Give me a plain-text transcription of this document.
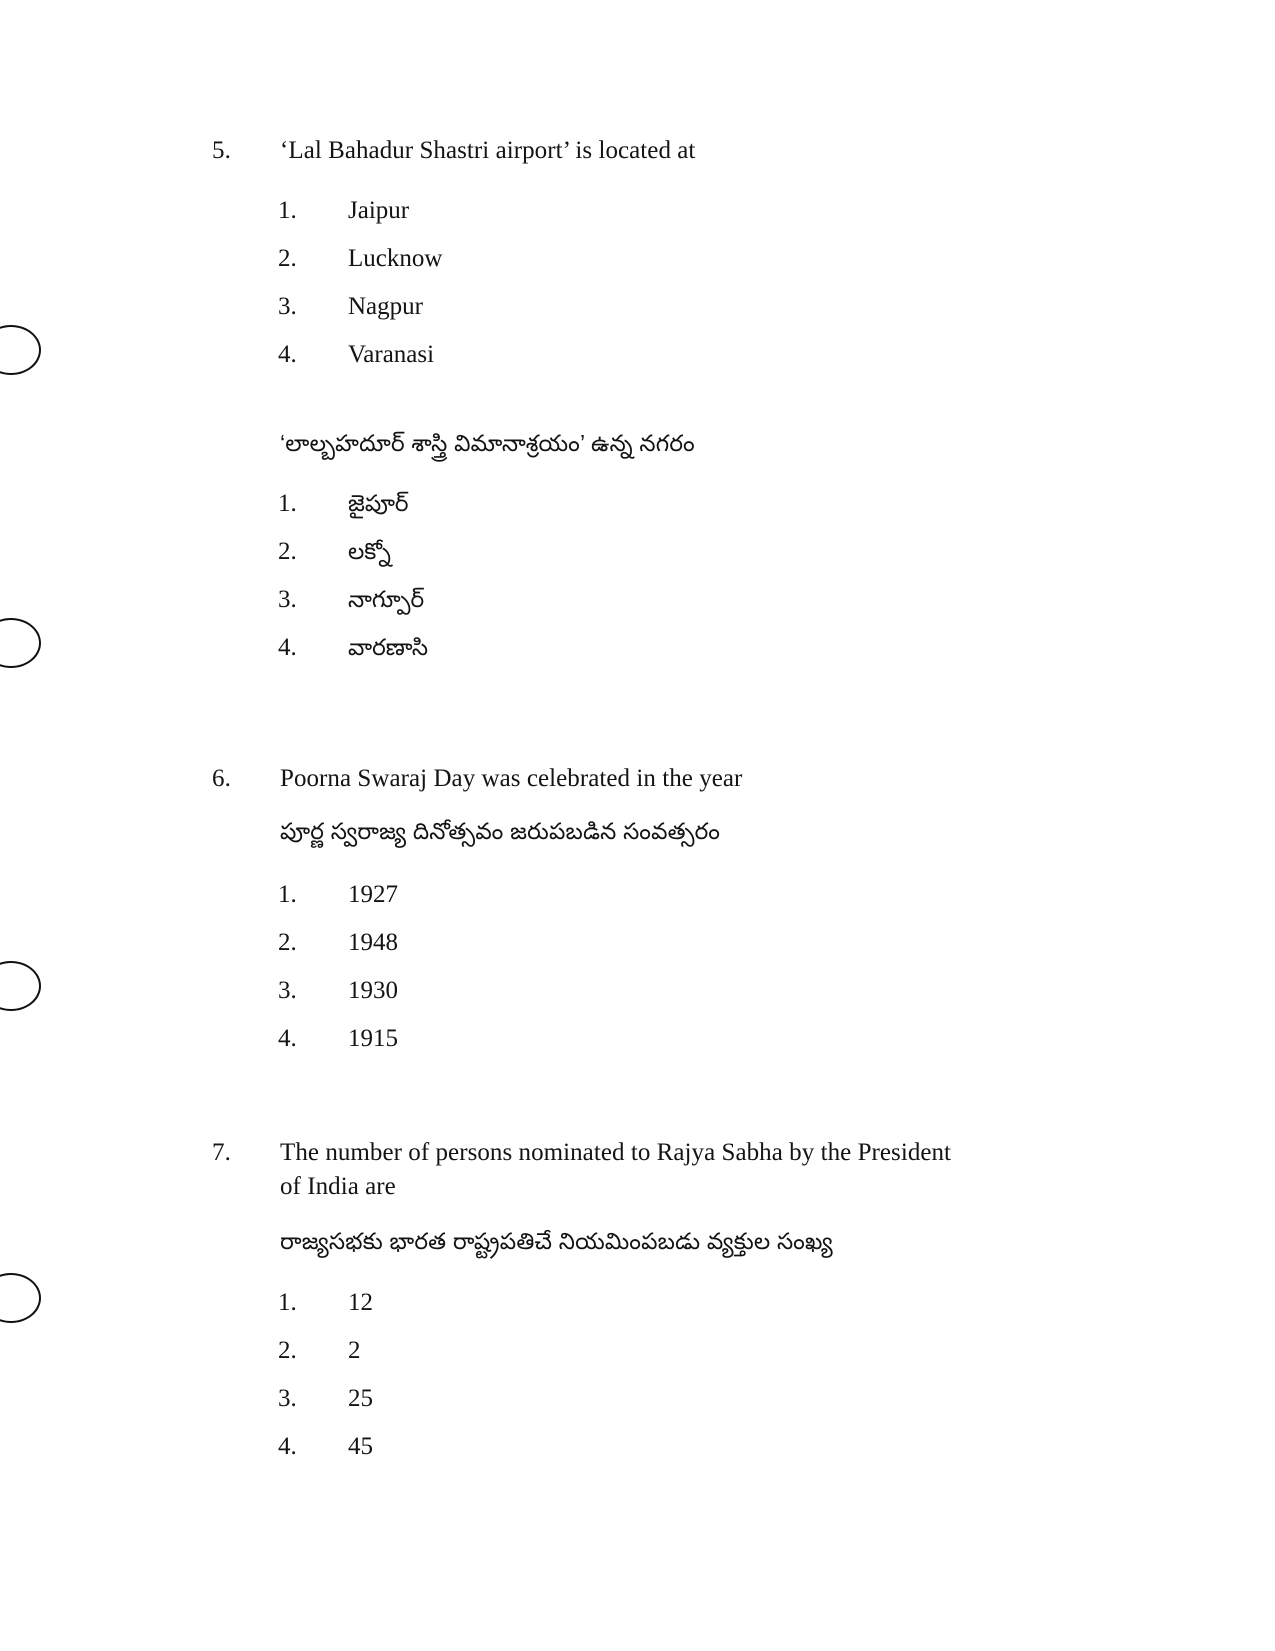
5.	‘Lal Bahadur Shastri airport’ is located at
1.	Jaipur
2.	Lucknow
3.	Nagpur
4.	Varanasi
‘లాల్బహదూర్ శాస్త్రి విమానాశ్రయం’ ఉన్న నగరం
1.	జైపూర్
2.	లక్నో
3.	నాగ్పూర్
4.	వారణాసి
6.	Poorna Swaraj Day was celebrated in the year
పూర్ణ స్వరాజ్య దినోత్సవం జరుపబడిన సంవత్సరం
1.	1927
2.	1948
3.	1930
4.	1915
7.	The number of persons nominated to Rajya Sabha by the President
of India are
రాజ్యసభకు భారత రాష్ట్రపతిచే నియమింపబడు వ్యక్తుల సంఖ్య
1.	12
2.	2
3.	25
4.	45
